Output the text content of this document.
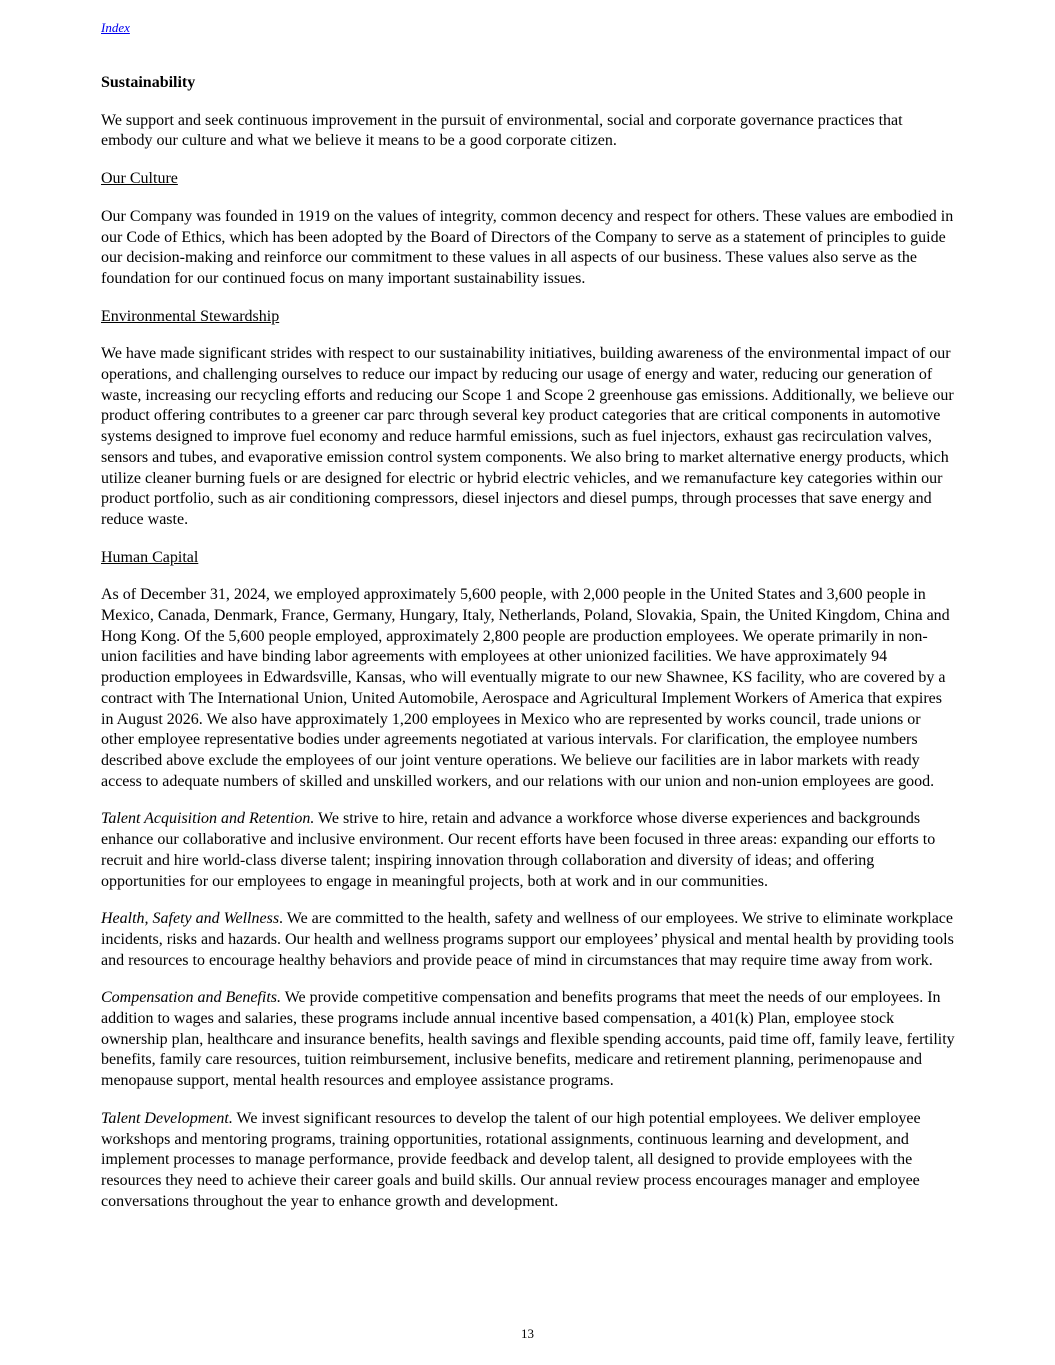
Index
Sustainability

We support and seek continuous improvement in the pursuit of environmental, social and corporate governance practices that embody our culture and what we believe it means to be a good corporate citizen.

Our Culture

Our Company was founded in 1919 on the values of integrity, common decency and respect for others. These values are embodied in our Code of Ethics, which has been adopted by the Board of Directors of the Company to serve as a statement of principles to guide our decision-making and reinforce our commitment to these values in all aspects of our business. These values also serve as the foundation for our continued focus on many important sustainability issues.

Environmental Stewardship

We have made significant strides with respect to our sustainability initiatives, building awareness of the environmental impact of our operations, and challenging ourselves to reduce our impact by reducing our usage of energy and water, reducing our generation of waste, increasing our recycling efforts and reducing our Scope 1 and Scope 2 greenhouse gas emissions. Additionally, we believe our product offering contributes to a greener car parc through several key product categories that are critical components in automotive systems designed to improve fuel economy and reduce harmful emissions, such as fuel injectors, exhaust gas recirculation valves, sensors and tubes, and evaporative emission control system components. We also bring to market alternative energy products, which utilize cleaner burning fuels or are designed for electric or hybrid electric vehicles, and we remanufacture key categories within our product portfolio, such as air conditioning compressors, diesel injectors and diesel pumps, through processes that save energy and reduce waste.

Human Capital

As of December 31, 2024, we employed approximately 5,600 people, with 2,000 people in the United States and 3,600 people in Mexico, Canada, Denmark, France, Germany, Hungary, Italy, Netherlands, Poland, Slovakia, Spain, the United Kingdom, China and Hong Kong. Of the 5,600 people employed, approximately 2,800 people are production employees. We operate primarily in non-union facilities and have binding labor agreements with employees at other unionized facilities. We have approximately 94 production employees in Edwardsville, Kansas, who will eventually migrate to our new Shawnee, KS facility, who are covered by a contract with The International Union, United Automobile, Aerospace and Agricultural Implement Workers of America that expires in August 2026. We also have approximately 1,200 employees in Mexico who are represented by works council, trade unions or other employee representative bodies under agreements negotiated at various intervals. For clarification, the employee numbers described above exclude the employees of our joint venture operations. We believe our facilities are in labor markets with ready access to adequate numbers of skilled and unskilled workers, and our relations with our union and non-union employees are good.

Talent Acquisition and Retention. We strive to hire, retain and advance a workforce whose diverse experiences and backgrounds enhance our collaborative and inclusive environment. Our recent efforts have been focused in three areas: expanding our efforts to recruit and hire world-class diverse talent; inspiring innovation through collaboration and diversity of ideas; and offering opportunities for our employees to engage in meaningful projects, both at work and in our communities.

Health, Safety and Wellness. We are committed to the health, safety and wellness of our employees. We strive to eliminate workplace incidents, risks and hazards. Our health and wellness programs support our employees’ physical and mental health by providing tools and resources to encourage healthy behaviors and provide peace of mind in circumstances that may require time away from work.

Compensation and Benefits. We provide competitive compensation and benefits programs that meet the needs of our employees. In addition to wages and salaries, these programs include annual incentive based compensation, a 401(k) Plan, employee stock ownership plan, healthcare and insurance benefits, health savings and flexible spending accounts, paid time off, family leave, fertility benefits, family care resources, tuition reimbursement, inclusive benefits, medicare and retirement planning, perimenopause and menopause support, mental health resources and employee assistance programs.

Talent Development. We invest significant resources to develop the talent of our high potential employees. We deliver employee workshops and mentoring programs, training opportunities, rotational assignments, continuous learning and development, and implement processes to manage performance, provide feedback and develop talent, all designed to provide employees with the resources they need to achieve their career goals and build skills. Our annual review process encourages manager and employee conversations throughout the year to enhance growth and development.

13
